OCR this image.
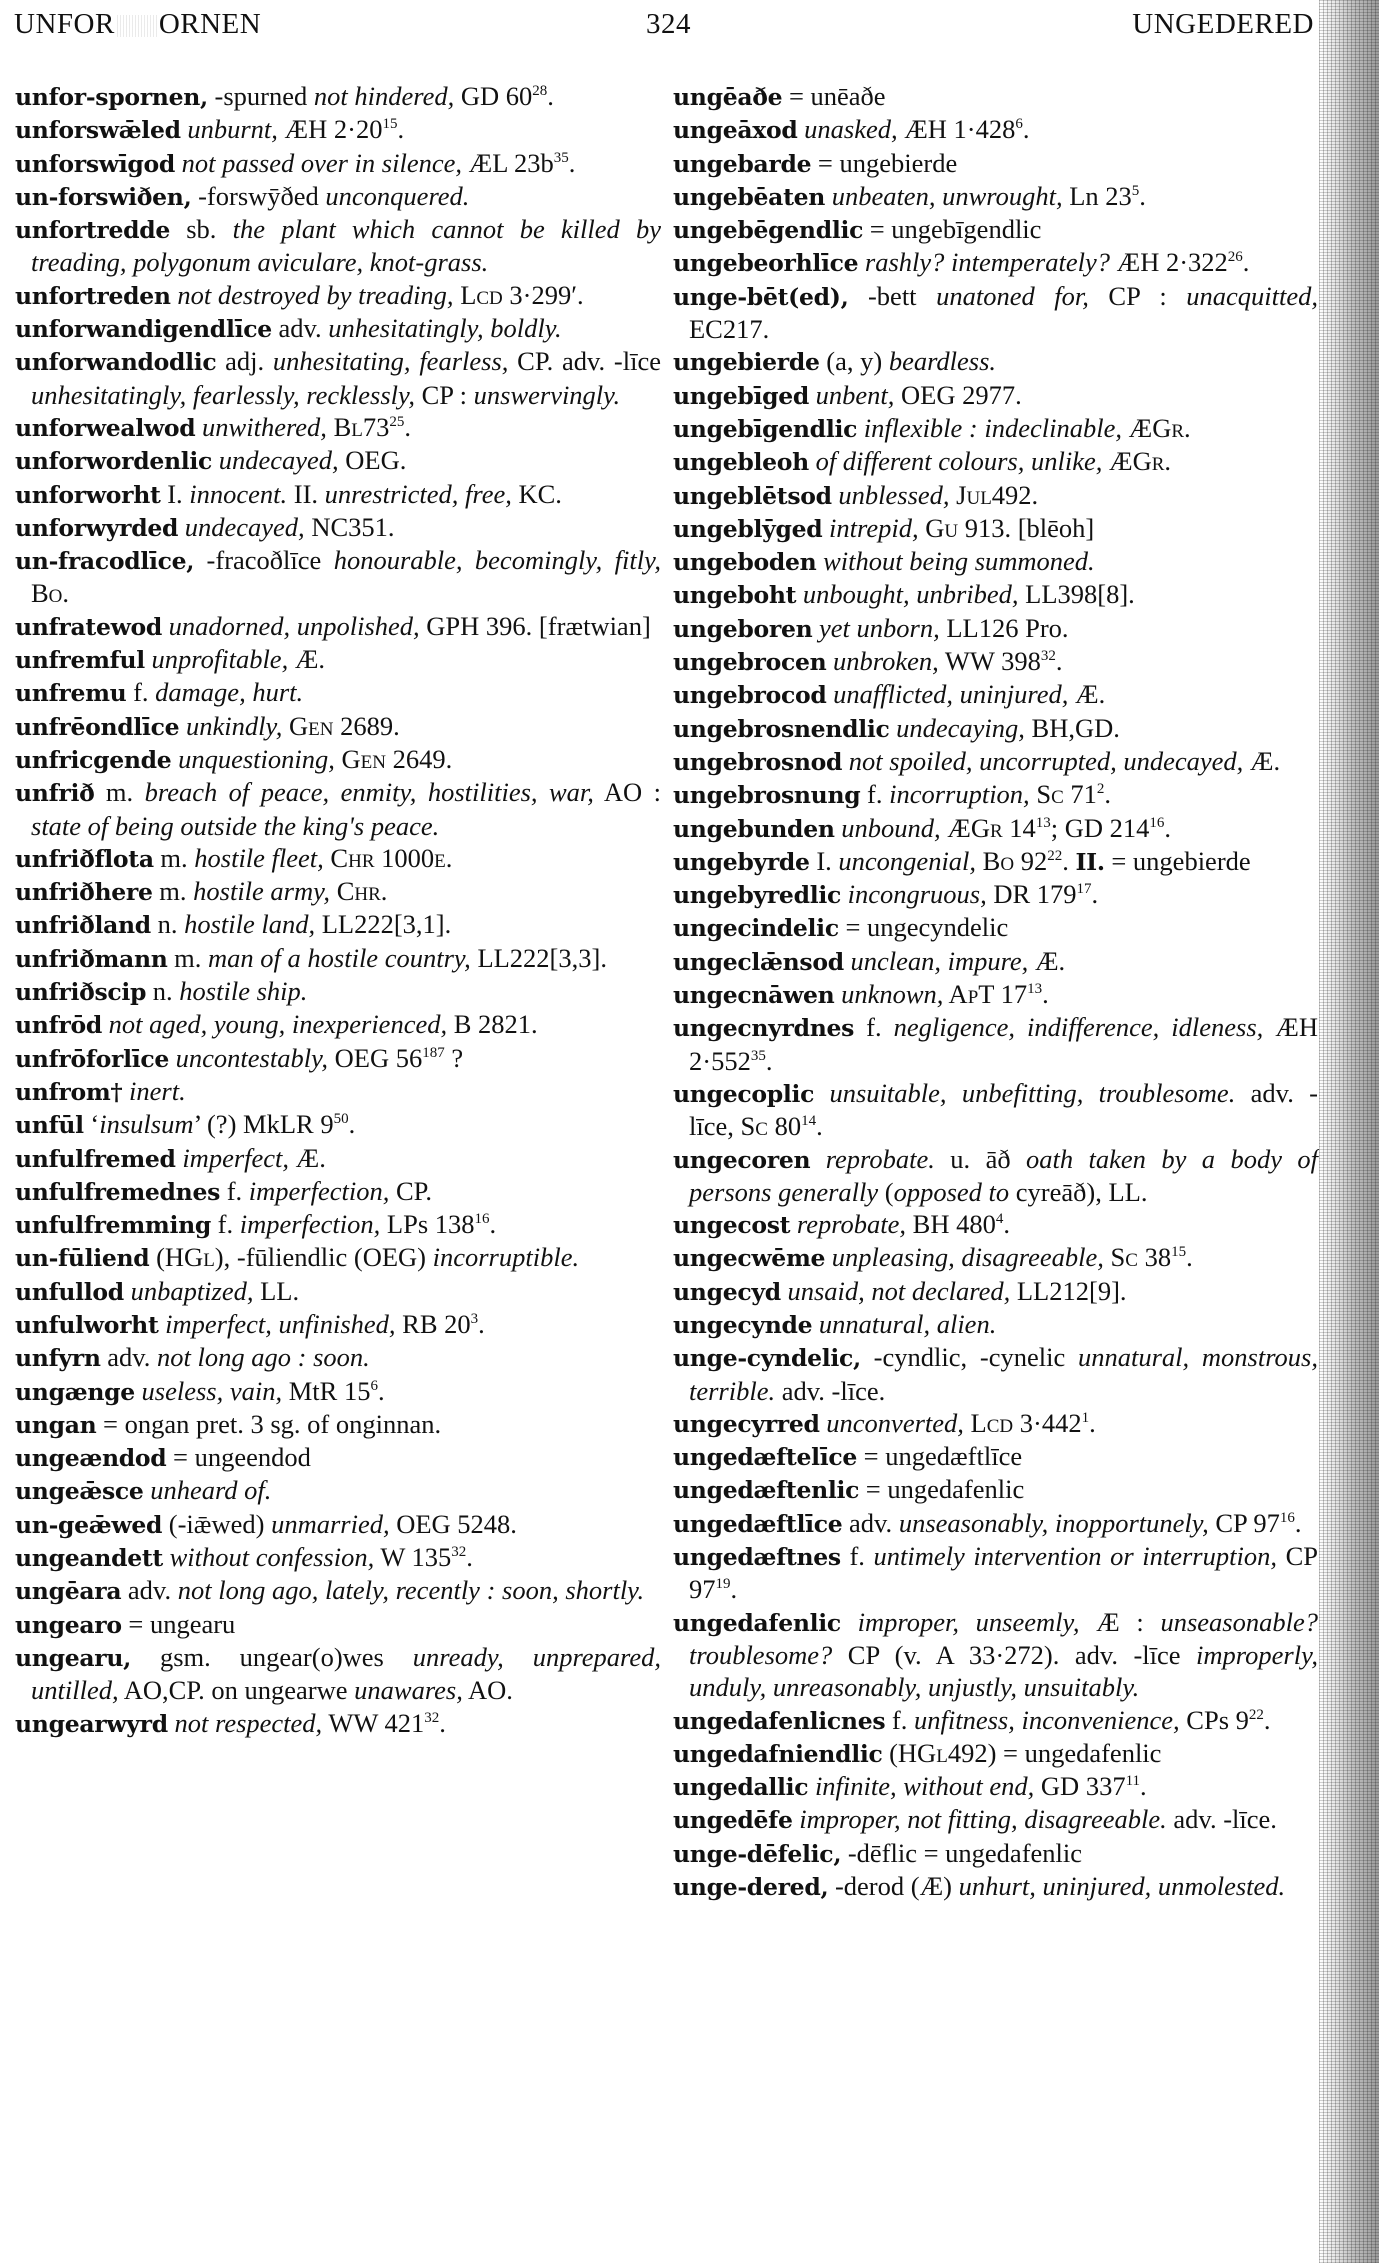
UNFOR ORNEN	324	UNGEDERED

unfor-spornen, -spurned not hindered, GD $60^{28}$.

unforswǣled unburnt, ÆH $2\cdot 20^{15}$.

unforswīgod not passed over in silence, ÆL $23b^{35}$.

un-forswiðen, -forswȳðed unconquered.

unfortredde sb. the plant which cannot be killed by treading, polygonum aviculare, knot-grass.

unfortreden not destroyed by treading, Lcd 3·299′.

unforwandigendlīce adv. unhesitatingly, boldly.

unforwandodlic adj. unhesitating, fearless, CP. adv. -līce unhesitatingly, fearlessly, recklessly, CP : unswervingly.

unforwealwod unwithered, $Bl73^{25}$.

unforwordenlic undecayed, OEG.

unforworht I. innocent. II. unrestricted, free, KC.

unforwyrded undecayed, NC351.

un-fracodlīce, -fracoðlīce honourable, becomingly, fitly, Bo.

unfratewod unadorned, unpolished, GPH 396. [frætwian]

unfremful unprofitable, Æ.

unfremu f. damage, hurt.

unfrēondlīce unkindly, Gen 2689.

unfricgende unquestioning, Gen 2649.

unfrið m. breach of peace, enmity, hostilities, war, AO : state of being outside the king's peace.

unfriðflota m. hostile fleet, Chr 1000e.

unfriðhere m. hostile army, Chr.

unfriðland n. hostile land, LL222[3,1].

unfriðmann m. man of a hostile country, LL222[3,3].

unfriðscip n. hostile ship.

unfrōd not aged, young, inexperienced, B 2821.

unfrōforlīce uncontestably, OEG $56^{187}$ ?

unfrom† inert.

unfūl ‘insulsum’ (?) MkLR $9^{50}$.

unfulfremed imperfect, Æ.

unfulfremednes f. imperfection, CP.

unfulfremming f. imperfection, LPs $138^{16}$.

un-fūliend (HGl), -fūliendlic (OEG) incorruptible.

unfullod unbaptized, LL.

unfulworht imperfect, unfinished, RB $20^3$.

unfyrn adv. not long ago : soon.

ungænge useless, vain, MtR $15^6$.

ungan = ongan pret. 3 sg. of onginnan.

ungeændod = ungeendod

ungeǣsce unheard of.

un-geǣwed (-iǣwed) unmarried, OEG 5248.

ungeandett without confession, W $135^{32}$.

ungēara adv. not long ago, lately, recently : soon, shortly.

ungearo = ungearu

ungearu, gsm. ungear(o)wes unready, unprepared, untilled, AO,CP. on ungearwe unawares, AO.

ungearwyrd not respected, WW $421^{32}$.

ungēaðe = unēaðe

ungeāxod unasked, ÆH $1\cdot 428^6$.

ungebarde = ungebierde

ungebēaten unbeaten, unwrought, Ln $23^5$.

ungebēgendlic = ungebīgendlic

ungebeorhlīce rashly? intemperately? ÆH $2\cdot 322^{26}$.

unge-bēt(ed), -bett unatoned for, CP : unacquitted, EC217.

ungebierde (a, y) beardless.

ungebīged unbent, OEG 2977.

ungebīgendlic inflexible : indeclinable, ÆGr.

ungebleoh of different colours, unlike, ÆGr.

ungeblētsod unblessed, Jul492.

ungeblȳged intrepid, Gu 913. [blēoh]

ungeboden without being summoned.

ungeboht unbought, unbribed, LL398[8].

ungeboren yet unborn, LL126 Pro.

ungebrocen unbroken, WW $398^{32}$.

ungebrocod unafflicted, uninjured, Æ.

ungebrosnendlic undecaying, BH,GD.

ungebrosnod not spoiled, uncorrupted, undecayed, Æ.

ungebrosnung f. incorruption, Sc $71^2$.

ungebunden unbound, ÆGr $14^{13}$; GD $214^{16}$.

ungebyrde I. uncongenial, Bo $92^{22}$. II. = ungebierde

ungebyredlic incongruous, DR $179^{17}$.

ungecindelic = ungecyndelic

ungeclǣnsod unclean, impure, Æ.

ungecnāwen unknown, ApT $17^{13}$.

ungecnyrdnes f. negligence, indifference, idleness, ÆH $2\cdot 552^{35}$.

ungecoplic unsuitable, unbefitting, troublesome. adv. -līce, Sc $80^{14}$.

ungecoren reprobate. u. āð oath taken by a body of persons generally (opposed to cyreāð), LL.

ungecost reprobate, BH $480^4$.

ungecwēme unpleasing, disagreeable, Sc $38^{15}$.

ungecyd unsaid, not declared, LL212[9].

ungecynde unnatural, alien.

unge-cyndelic, -cyndlic, -cynelic unnatural, monstrous, terrible. adv. -līce.

ungecyrred unconverted, Lcd $3\cdot 442^1$.

ungedæftelīce = ungedæftlīce

ungedæftenlic = ungedafenlic

ungedæftlīce adv. unseasonably, inopportunely, CP $97^{16}$.

ungedæftnes f. untimely intervention or interruption, CP $97^{19}$.

ungedafenlic improper, unseemly, Æ : unseasonable? troublesome? CP (v. A 33·272). adv. -līce improperly, unduly, unreasonably, unjustly, unsuitably.

ungedafenlicnes f. unfitness, inconvenience, CPs $9^{22}$.

ungedafniendlic (HGl492) = ungedafenlic

ungedallic infinite, without end, GD $337^{11}$.

ungedēfe improper, not fitting, disagreeable. adv. -līce.

unge-dēfelic, -dēflic = ungedafenlic

unge-dered, -derod (Æ) unhurt, uninjured, unmolested.
